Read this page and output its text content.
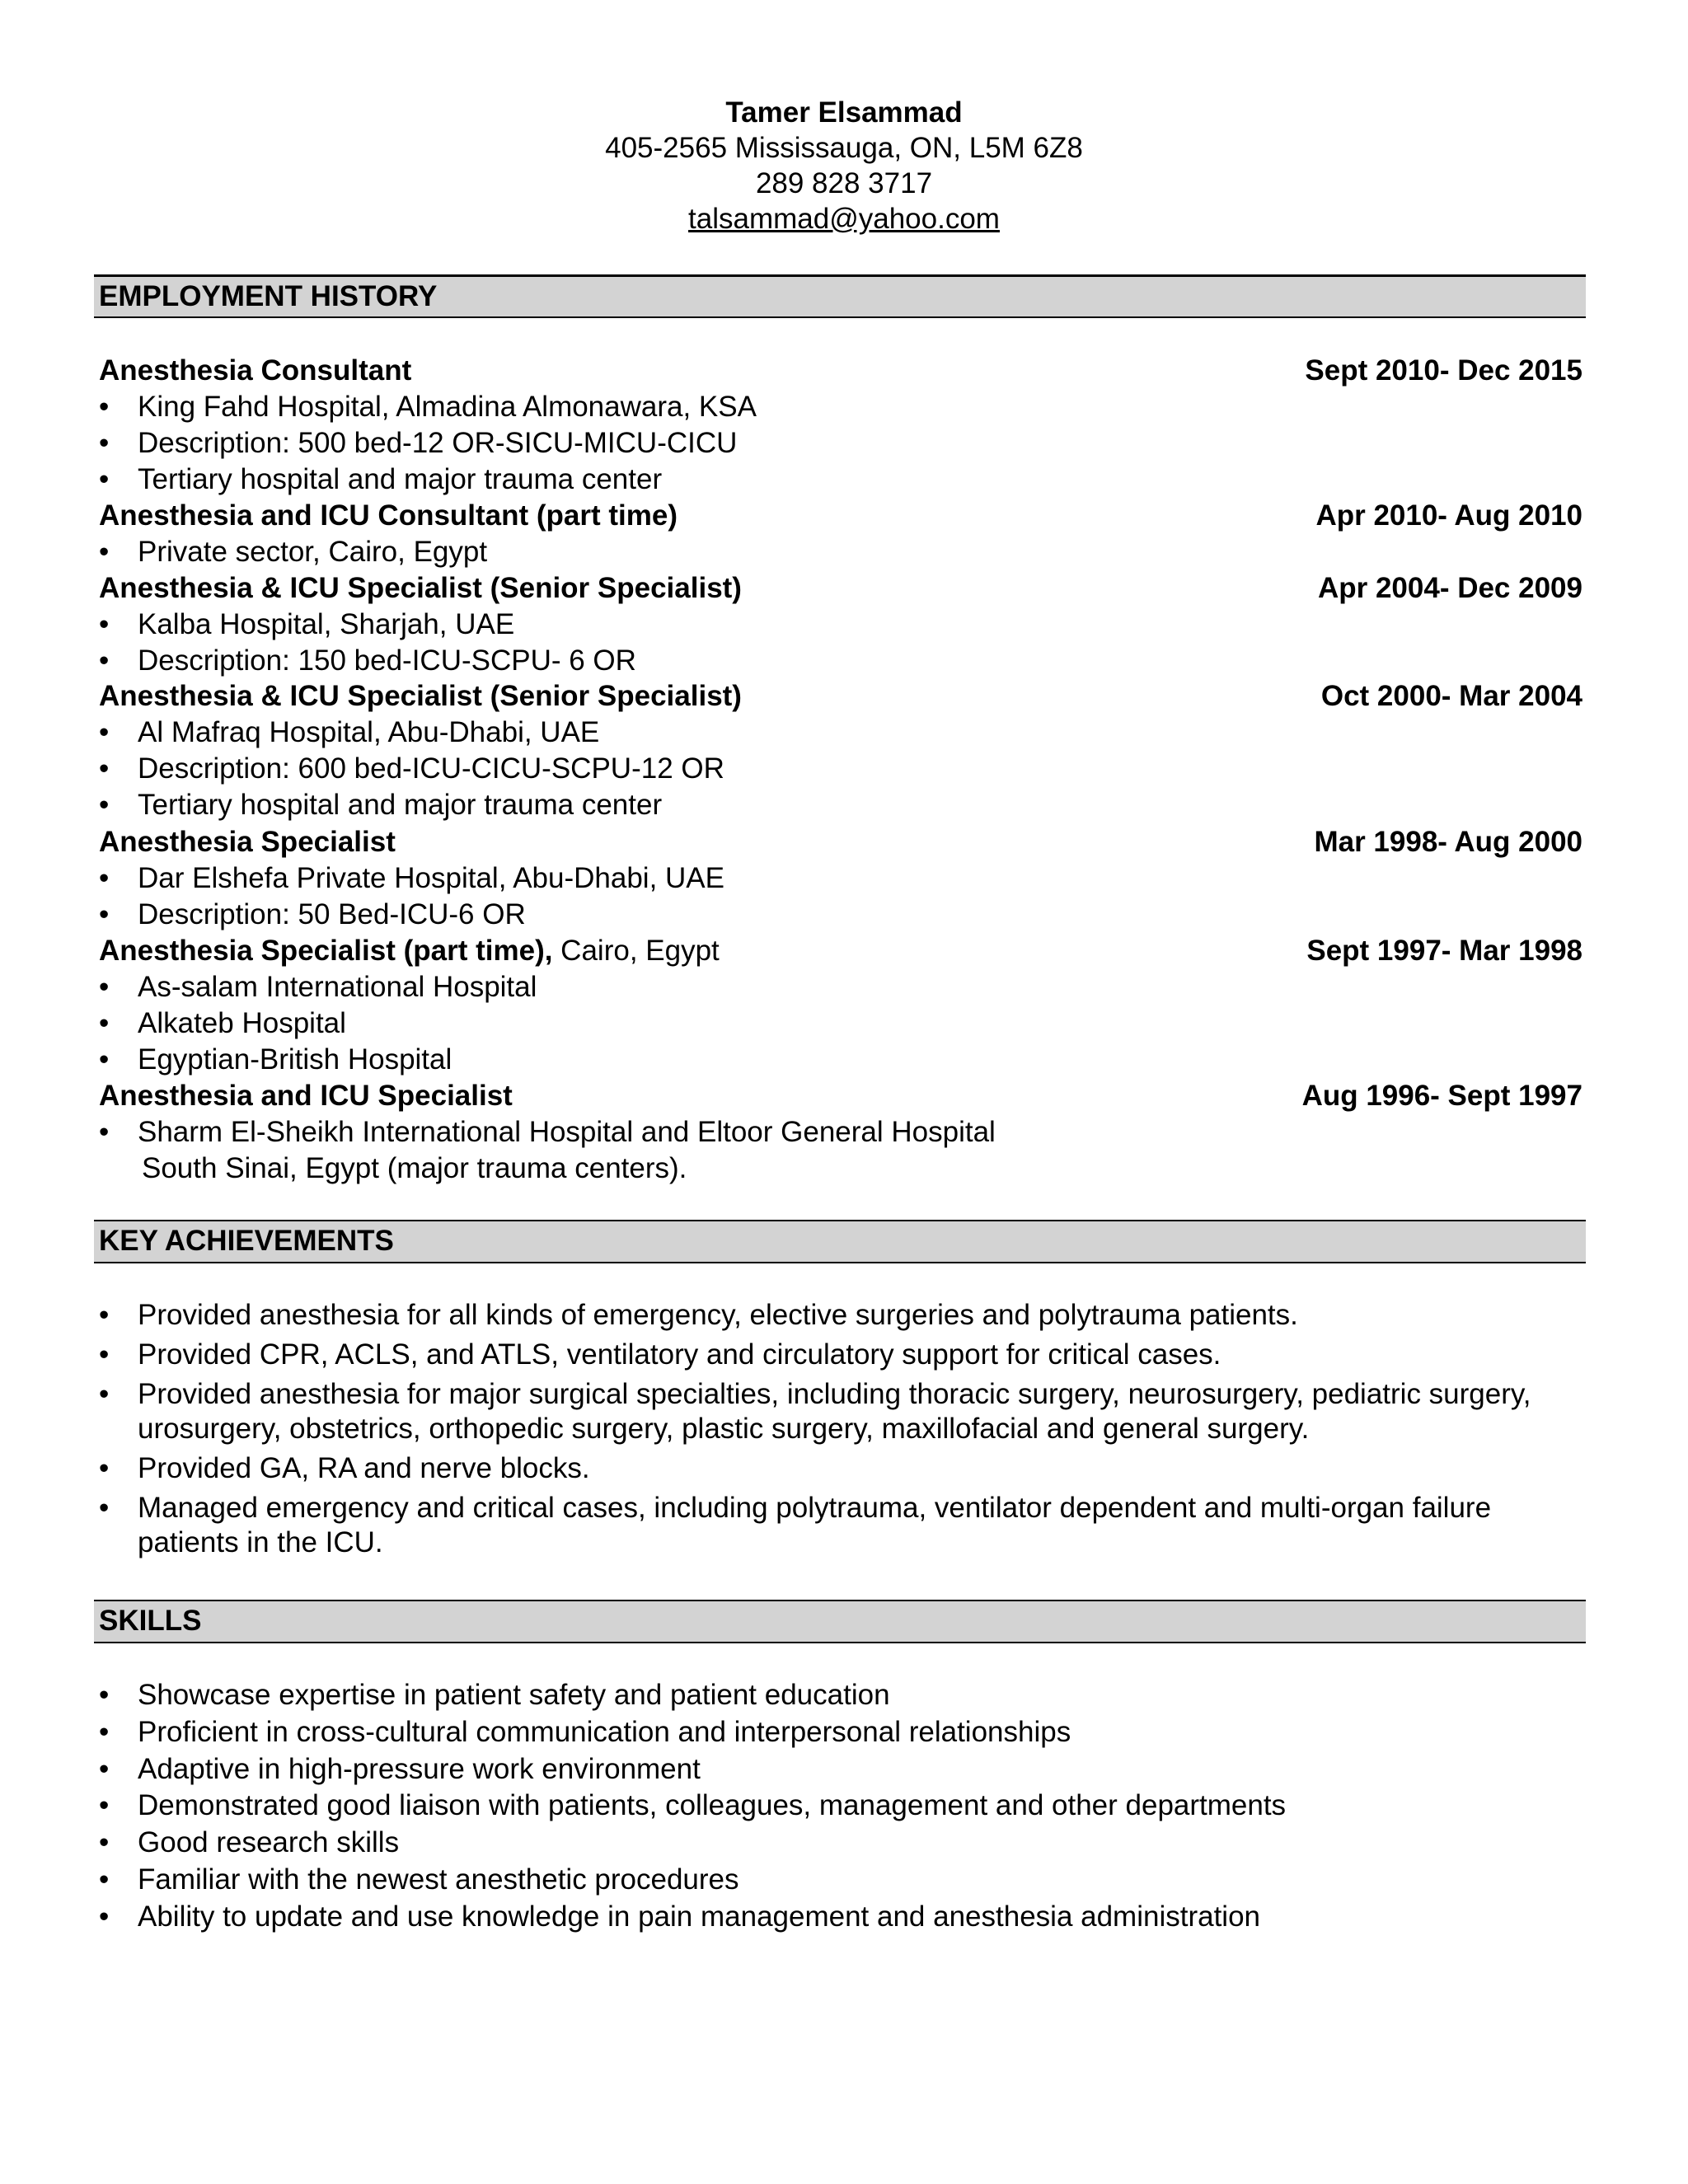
Tamer Elsammad
405-2565 Mississauga, ON, L5M 6Z8
289 828 3717
talsammad@yahoo.com
EMPLOYMENT HISTORY
Anesthesia Consultant	Sept 2010- Dec 2015
• King Fahd Hospital, Almadina Almonawara, KSA
• Description: 500 bed-12 OR-SICU-MICU-CICU
• Tertiary hospital and major trauma center
Anesthesia and ICU Consultant (part time)	Apr 2010- Aug 2010
• Private sector, Cairo, Egypt
Anesthesia & ICU Specialist (Senior Specialist)	Apr 2004- Dec 2009
• Kalba Hospital, Sharjah, UAE
• Description: 150 bed-ICU-SCPU- 6 OR
Anesthesia & ICU Specialist (Senior Specialist)	Oct 2000- Mar 2004
• Al Mafraq Hospital, Abu-Dhabi, UAE
• Description: 600 bed-ICU-CICU-SCPU-12 OR
• Tertiary hospital and major trauma center
Anesthesia Specialist	Mar 1998- Aug 2000
• Dar Elshefa Private Hospital, Abu-Dhabi, UAE
• Description: 50 Bed-ICU-6 OR
Anesthesia Specialist (part time), Cairo, Egypt	Sept 1997- Mar 1998
• As-salam International Hospital
• Alkateb Hospital
• Egyptian-British Hospital
Anesthesia and ICU Specialist	Aug 1996- Sept 1997
• Sharm El-Sheikh International Hospital and Eltoor General Hospital
South Sinai, Egypt (major trauma centers).
KEY ACHIEVEMENTS
• Provided anesthesia for all kinds of emergency, elective surgeries and polytrauma patients.
• Provided CPR, ACLS, and ATLS, ventilatory and circulatory support for critical cases.
• Provided anesthesia for major surgical specialties, including thoracic surgery, neurosurgery, pediatric surgery, urosurgery, obstetrics, orthopedic surgery, plastic surgery, maxillofacial and general surgery.
• Provided GA, RA and nerve blocks.
• Managed emergency and critical cases, including polytrauma, ventilator dependent and multi-organ failure patients in the ICU.
SKILLS
• Showcase expertise in patient safety and patient education
• Proficient in cross-cultural communication and interpersonal relationships
• Adaptive in high-pressure work environment
• Demonstrated good liaison with patients, colleagues, management and other departments
• Good research skills
• Familiar with the newest anesthetic procedures
• Ability to update and use knowledge in pain management and anesthesia administration
